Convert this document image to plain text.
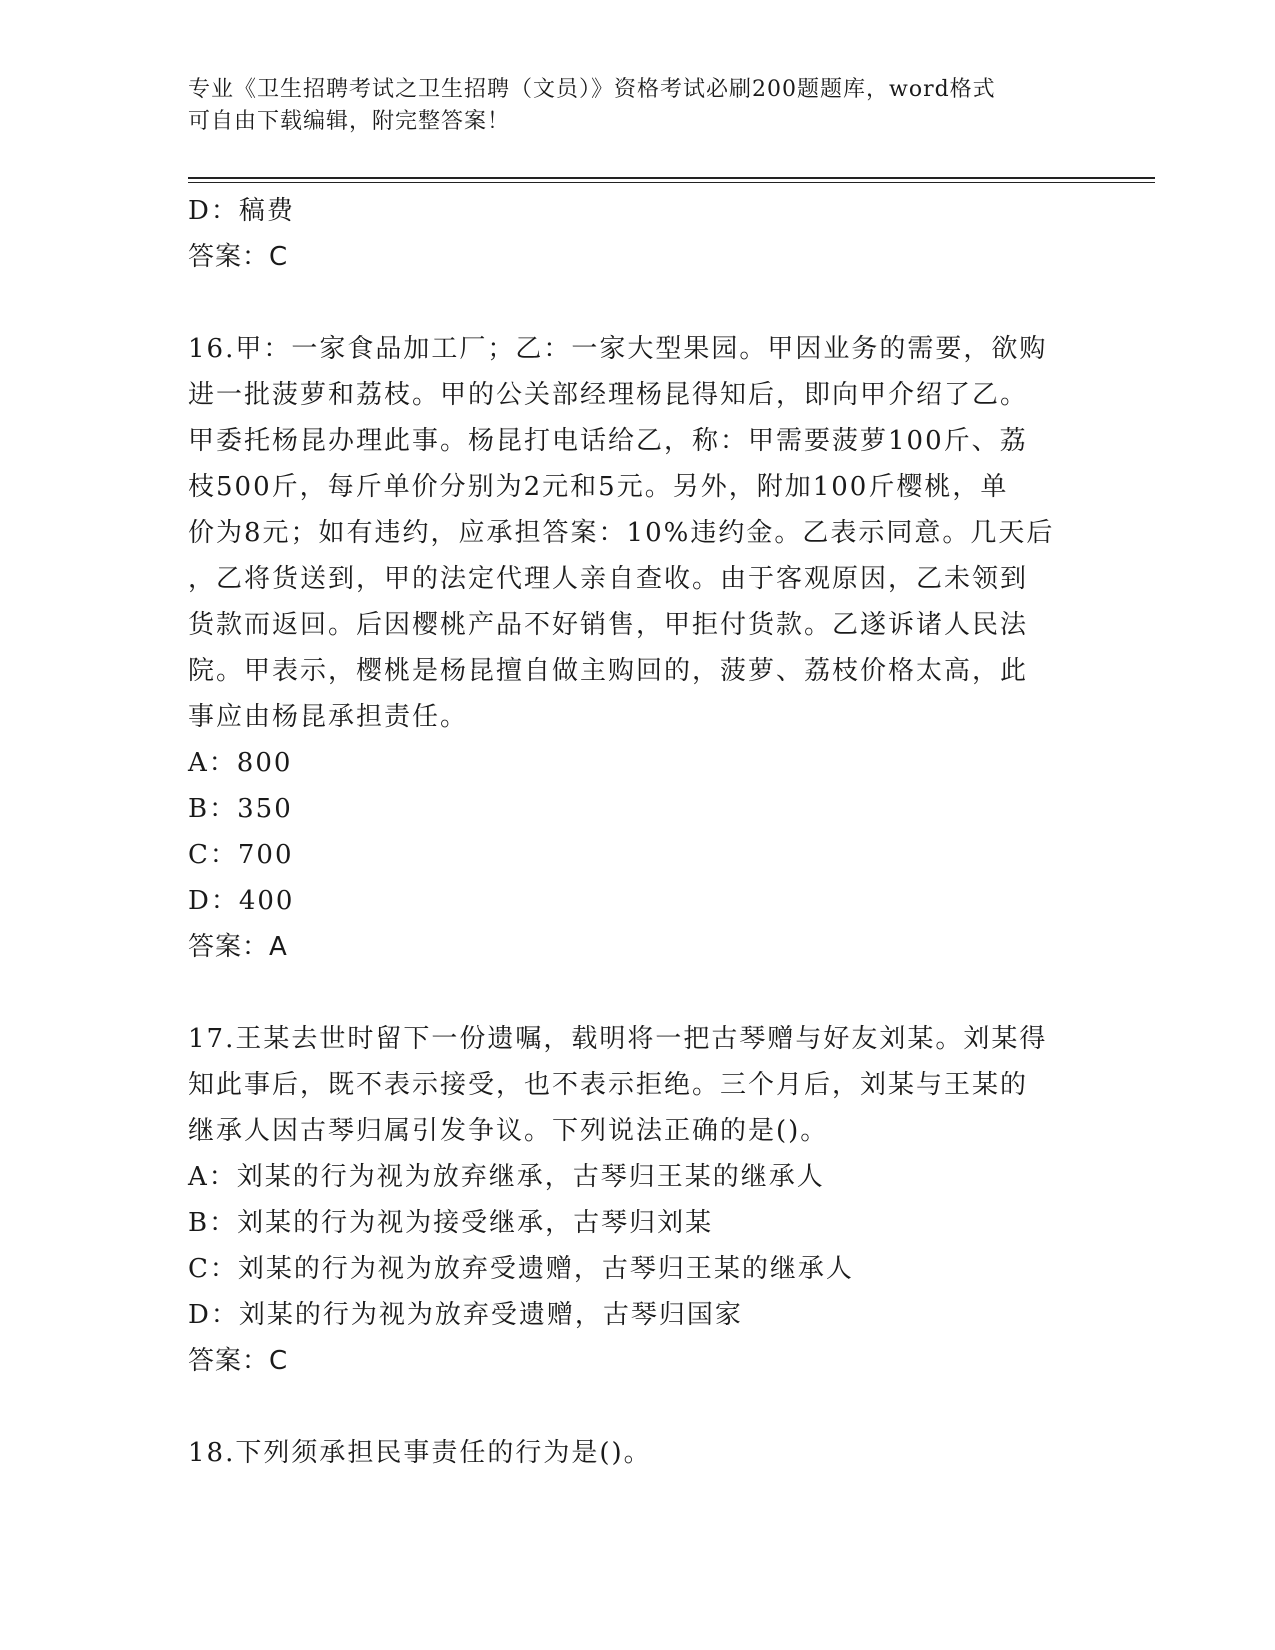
专业《卫生招聘考试之卫生招聘（文员）》资格考试必刷200题题库，word格式
可自由下载编辑，附完整答案！

D：稿费

答案：C

16.甲：一家食品加工厂；乙：一家大型果园。甲因业务的需要，欲购

进一批菠萝和荔枝。甲的公关部经理杨昆得知后，即向甲介绍了乙。

甲委托杨昆办理此事。杨昆打电话给乙，称：甲需要菠萝100斤、荔

枝500斤，每斤单价分别为2元和5元。另外，附加100斤樱桃，单

价为8元；如有违约，应承担答案：10%违约金。乙表示同意。几天后

，乙将货送到，甲的法定代理人亲自查收。由于客观原因，乙未领到

货款而返回。后因樱桃产品不好销售，甲拒付货款。乙遂诉诸人民法

院。甲表示，樱桃是杨昆擅自做主购回的，菠萝、荔枝价格太高，此

事应由杨昆承担责任。

A：800

B：350

C：700

D：400

答案：A

17.王某去世时留下一份遗嘱，载明将一把古琴赠与好友刘某。刘某得

知此事后，既不表示接受，也不表示拒绝。三个月后，刘某与王某的

继承人因古琴归属引发争议。下列说法正确的是()。

A：刘某的行为视为放弃继承，古琴归王某的继承人

B：刘某的行为视为接受继承，古琴归刘某

C：刘某的行为视为放弃受遗赠，古琴归王某的继承人

D：刘某的行为视为放弃受遗赠，古琴归国家

答案：C

18.下列须承担民事责任的行为是()。
